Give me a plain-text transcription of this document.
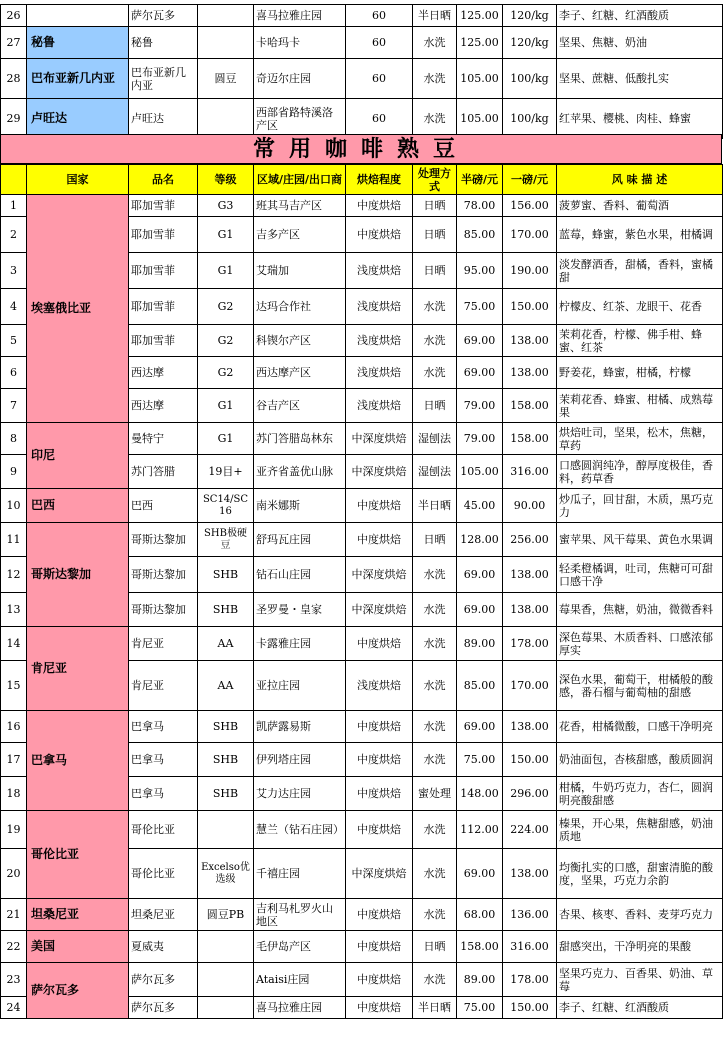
26		萨尔瓦多		喜马拉雅庄园	60	半日晒	125.00	120/kg	李子、红糖、红酒酸质
27	秘鲁	秘鲁		卡哈玛卡	60	水洗	125.00	120/kg	坚果、焦糖、奶油
28	巴布亚新几内亚	巴布亚新几内亚	圆豆	奇迈尔庄园	60	水洗	105.00	100/kg	坚果、蔗糖、低酸扎实
29	卢旺达	卢旺达		西部省路特溪洛产区	60	水洗	105.00	100/kg	红苹果、樱桃、肉桂、蜂蜜
常用咖啡熟豆
	国家	品名	等级	区域/庄园/出口商	烘焙程度	处理方式	半磅/元	一磅/元	风 味 描 述
1	埃塞俄比亚	耶加雪菲	G3	班其马吉产区	中度烘焙	日晒	78.00	156.00	菠萝蜜、香料、葡萄酒
2		耶加雪菲	G1	吉多产区	中度烘焙	日晒	85.00	170.00	蓝莓，蜂蜜，紫色水果，柑橘调
3		耶加雪菲	G1	艾瑞加	浅度烘焙	日晒	95.00	190.00	淡发酵酒香，甜橘，香料，蜜橘甜
4		耶加雪菲	G2	达玛合作社	浅度烘焙	水洗	75.00	150.00	柠檬皮、红茶、龙眼干、花香
5		耶加雪菲	G2	科锲尔产区	浅度烘焙	水洗	69.00	138.00	茉莉花香，柠檬、佛手柑、蜂蜜、红茶
6		西达摩	G2	西达摩产区	浅度烘焙	水洗	69.00	138.00	野姜花，蜂蜜，柑橘，柠檬
7		西达摩	G1	谷吉产区	浅度烘焙	日晒	79.00	158.00	茉莉花香、蜂蜜、柑橘、成熟莓果
8	印尼	曼特宁	G1	苏门答腊岛林东	中深度烘焙	湿刨法	79.00	158.00	烘焙吐司，坚果，松木，焦糖，草药
9		苏门答腊	19目+	亚齐省盖优山脉	中深度烘焙	湿刨法	105.00	316.00	口感圆润纯净，醇厚度极佳，香料，药草香
10	巴西	巴西	SC14/SC16	南米娜斯	中度烘焙	半日晒	45.00	90.00	炒瓜子，回甘甜，木质，黑巧克力
11	哥斯达黎加	哥斯达黎加	SHB极硬豆	舒玛瓦庄园	中度烘焙	日晒	128.00	256.00	蜜苹果、风干莓果、黄色水果调
12		哥斯达黎加	SHB	钻石山庄园	中深度烘焙	水洗	69.00	138.00	轻柔橙橘调，吐司，焦糖可可甜口感干净
13		哥斯达黎加	SHB	圣罗曼・皇家	中深度烘焙	水洗	69.00	138.00	莓果香，焦糖，奶油，微微香料
14	肯尼亚	肯尼亚	AA	卡露雅庄园	中度烘焙	水洗	89.00	178.00	深色莓果、木质香料、口感浓郁厚实
15		肯尼亚	AA	亚拉庄园	浅度烘焙	水洗	85.00	170.00	深色水果，葡萄干，柑橘般的酸感，番石榴与葡萄柚的甜感
16	巴拿马	巴拿马	SHB	凯萨露易斯	中度烘焙	水洗	69.00	138.00	花香，柑橘微酸，口感干净明亮
17		巴拿马	SHB	伊列塔庄园	中度烘焙	水洗	75.00	150.00	奶油面包，杏核甜感，酸质圆润
18		巴拿马	SHB	艾力达庄园	中度烘焙	蜜处理	148.00	296.00	柑橘，牛奶巧克力，杏仁，圆润明亮酸甜感
19	哥伦比亚	哥伦比亚		慧兰（钻石庄园）	中度烘焙	水洗	112.00	224.00	榛果，开心果，焦糖甜感，奶油质地
20		哥伦比亚	Excelso优选级	千禧庄园	中深度烘焙	水洗	69.00	138.00	均衡扎实的口感，甜蜜清脆的酸度，坚果，巧克力余韵
21	坦桑尼亚	坦桑尼亚	圆豆PB	吉利马札罗火山地区	中度烘焙	水洗	68.00	136.00	杏果、核枣、香料、麦芽巧克力
22	美国	夏威夷		毛伊岛产区	中度烘焙	日晒	158.00	316.00	甜感突出，干净明亮的果酸
23	萨尔瓦多	萨尔瓦多		Ataisi庄园	中度烘焙	水洗	89.00	178.00	坚果巧克力、百香果、奶油、草莓
24		萨尔瓦多		喜马拉雅庄园	中度烘焙	半日晒	75.00	150.00	李子、红糖、红酒酸质
